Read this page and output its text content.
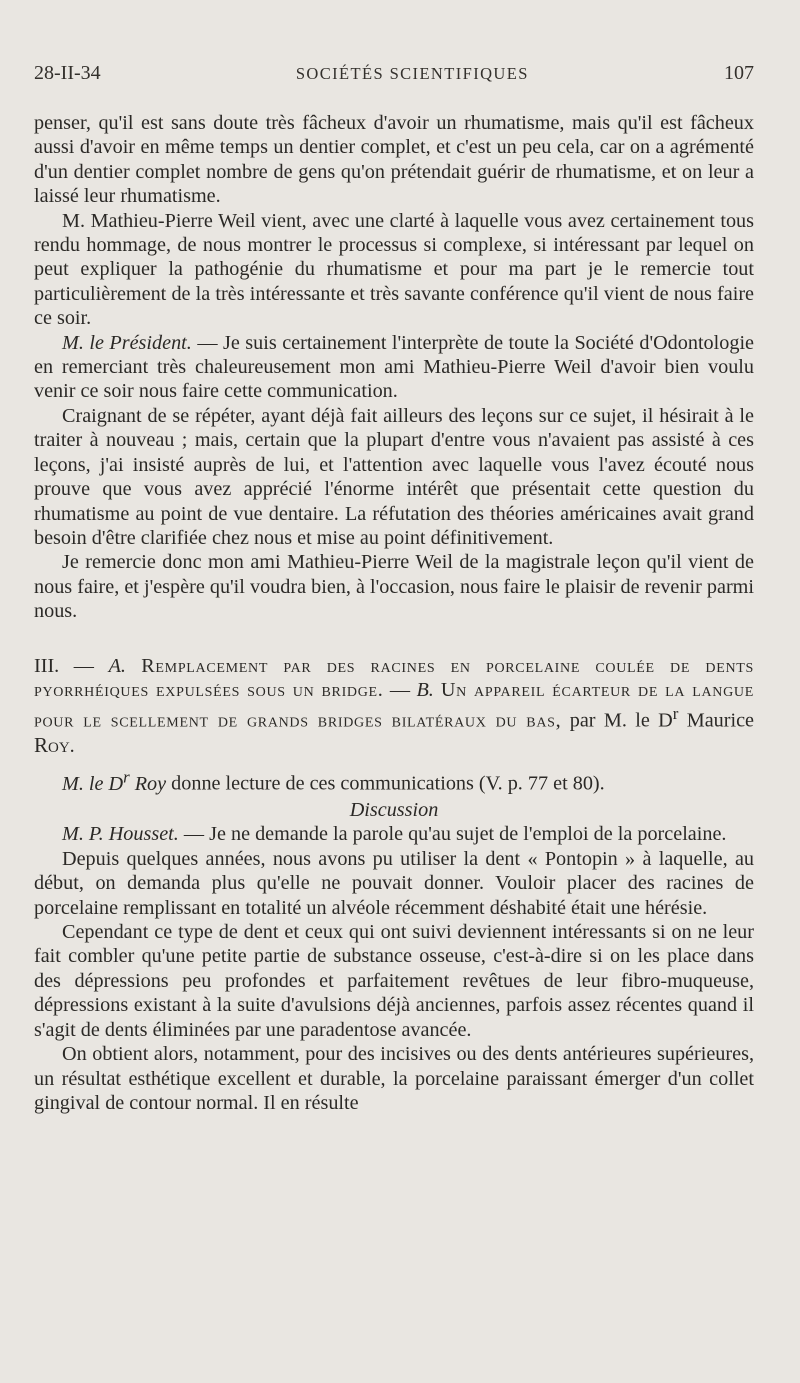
28-II-34	SOCIÉTÉS SCIENTIFIQUES	107

penser, qu'il est sans doute très fâcheux d'avoir un rhumatisme, mais qu'il est fâcheux aussi d'avoir en même temps un dentier complet, et c'est un peu cela, car on a agrémenté d'un dentier complet nombre de gens qu'on prétendait guérir de rhumatisme, et on leur a laissé leur rhumatisme.

M. Mathieu-Pierre Weil vient, avec une clarté à laquelle vous avez certainement tous rendu hommage, de nous montrer le processus si complexe, si intéressant par lequel on peut expliquer la pathogénie du rhumatisme et pour ma part je le remercie tout particulièrement de la très intéressante et très savante conférence qu'il vient de nous faire ce soir.

M. le Président. — Je suis certainement l'interprète de toute la Société d'Odontologie en remerciant très chaleureusement mon ami Mathieu-Pierre Weil d'avoir bien voulu venir ce soir nous faire cette communication.

Craignant de se répéter, ayant déjà fait ailleurs des leçons sur ce sujet, il hésirait à le traiter à nouveau ; mais, certain que la plupart d'entre vous n'avaient pas assisté à ces leçons, j'ai insisté auprès de lui, et l'attention avec laquelle vous l'avez écouté nous prouve que vous avez apprécié l'énorme intérêt que présentait cette question du rhumatisme au point de vue dentaire. La réfutation des théories américaines avait grand besoin d'être clarifiée chez nous et mise au point définitivement.

Je remercie donc mon ami Mathieu-Pierre Weil de la magistrale leçon qu'il vient de nous faire, et j'espère qu'il voudra bien, à l'occasion, nous faire le plaisir de revenir parmi nous.

III. — A. Remplacement par des racines en porcelaine coulée de dents pyorrhéiques expulsées sous un bridge. — B. Un appareil écarteur de la langue pour le scellement de grands bridges bilatéraux du bas, par M. le $D^r$ Maurice Roy.

M. le $D^r$ Roy donne lecture de ces communications (V. p. 77 et 80).

Discussion

M. P. Housset. — Je ne demande la parole qu'au sujet de l'emploi de la porcelaine.

Depuis quelques années, nous avons pu utiliser la dent « Pontopin » à laquelle, au début, on demanda plus qu'elle ne pouvait donner. Vouloir placer des racines de porcelaine remplissant en totalité un alvéole récemment déshabité était une hérésie.

Cependant ce type de dent et ceux qui ont suivi deviennent intéressants si on ne leur fait combler qu'une petite partie de substance osseuse, c'est-à-dire si on les place dans des dépressions peu profondes et parfaitement revêtues de leur fibro-muqueuse, dépressions existant à la suite d'avulsions déjà anciennes, parfois assez récentes quand il s'agit de dents éliminées par une paradentose avancée.

On obtient alors, notamment, pour des incisives ou des dents antérieures supérieures, un résultat esthétique excellent et durable, la porcelaine paraissant émerger d'un collet gingival de contour normal. Il en résulte
